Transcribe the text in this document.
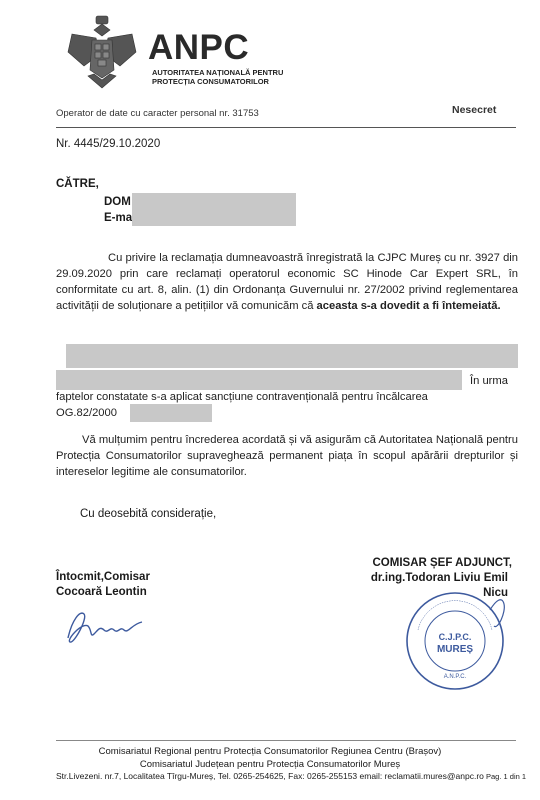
ANPC
AUTORITATEA NAȚIONALĂ PENTRU
PROTECȚIA CONSUMATORILOR
Operator de date cu caracter personal nr. 31753	Nesecret
Nr. 4445/29.10.2020
CĂTRE,
DOM
E-ma
Cu privire la reclamația dumneavoastră înregistrată la CJPC Mureș cu nr. 3927 din 29.09.2020 prin care reclamați operatorul economic SC Hinode Car Expert SRL, în conformitate cu art. 8, alin. (1) din Ordonanța Guvernului nr. 27/2002 privind reglementarea activității de soluționare a petițiilor vă comunicăm că aceasta s-a dovedit a fi întemeiată.
În urma
faptelor constatate s-a aplicat sancțiune contravențională pentru încălcarea
OG.82/2000
Vă mulțumim pentru încrederea acordată și vă asigurăm că Autoritatea Națională pentru Protecția Consumatorilor supraveghează permanent piața în scopul apărării drepturilor și intereselor legitime ale consumatorilor.
Cu deosebită considerație,
Întocmit,Comisar
Cocoară Leontin
COMISAR ȘEF ADJUNCT,
dr.ing.Todoran Liviu Emil Nicu
C.J.P.C.
MUREȘ
A.N.P.C.
Comisariatul Regional pentru Protecția Consumatorilor Regiunea Centru (Brașov)
Comisariatul Județean pentru Protecția Consumatorilor Mureș
Str.Livezeni. nr.7, Localitatea Tîrgu-Mureș, Tel. 0265-254625, Fax: 0265-255153 email: reclamatii.mures@anpc.ro Pag. 1 din 1
